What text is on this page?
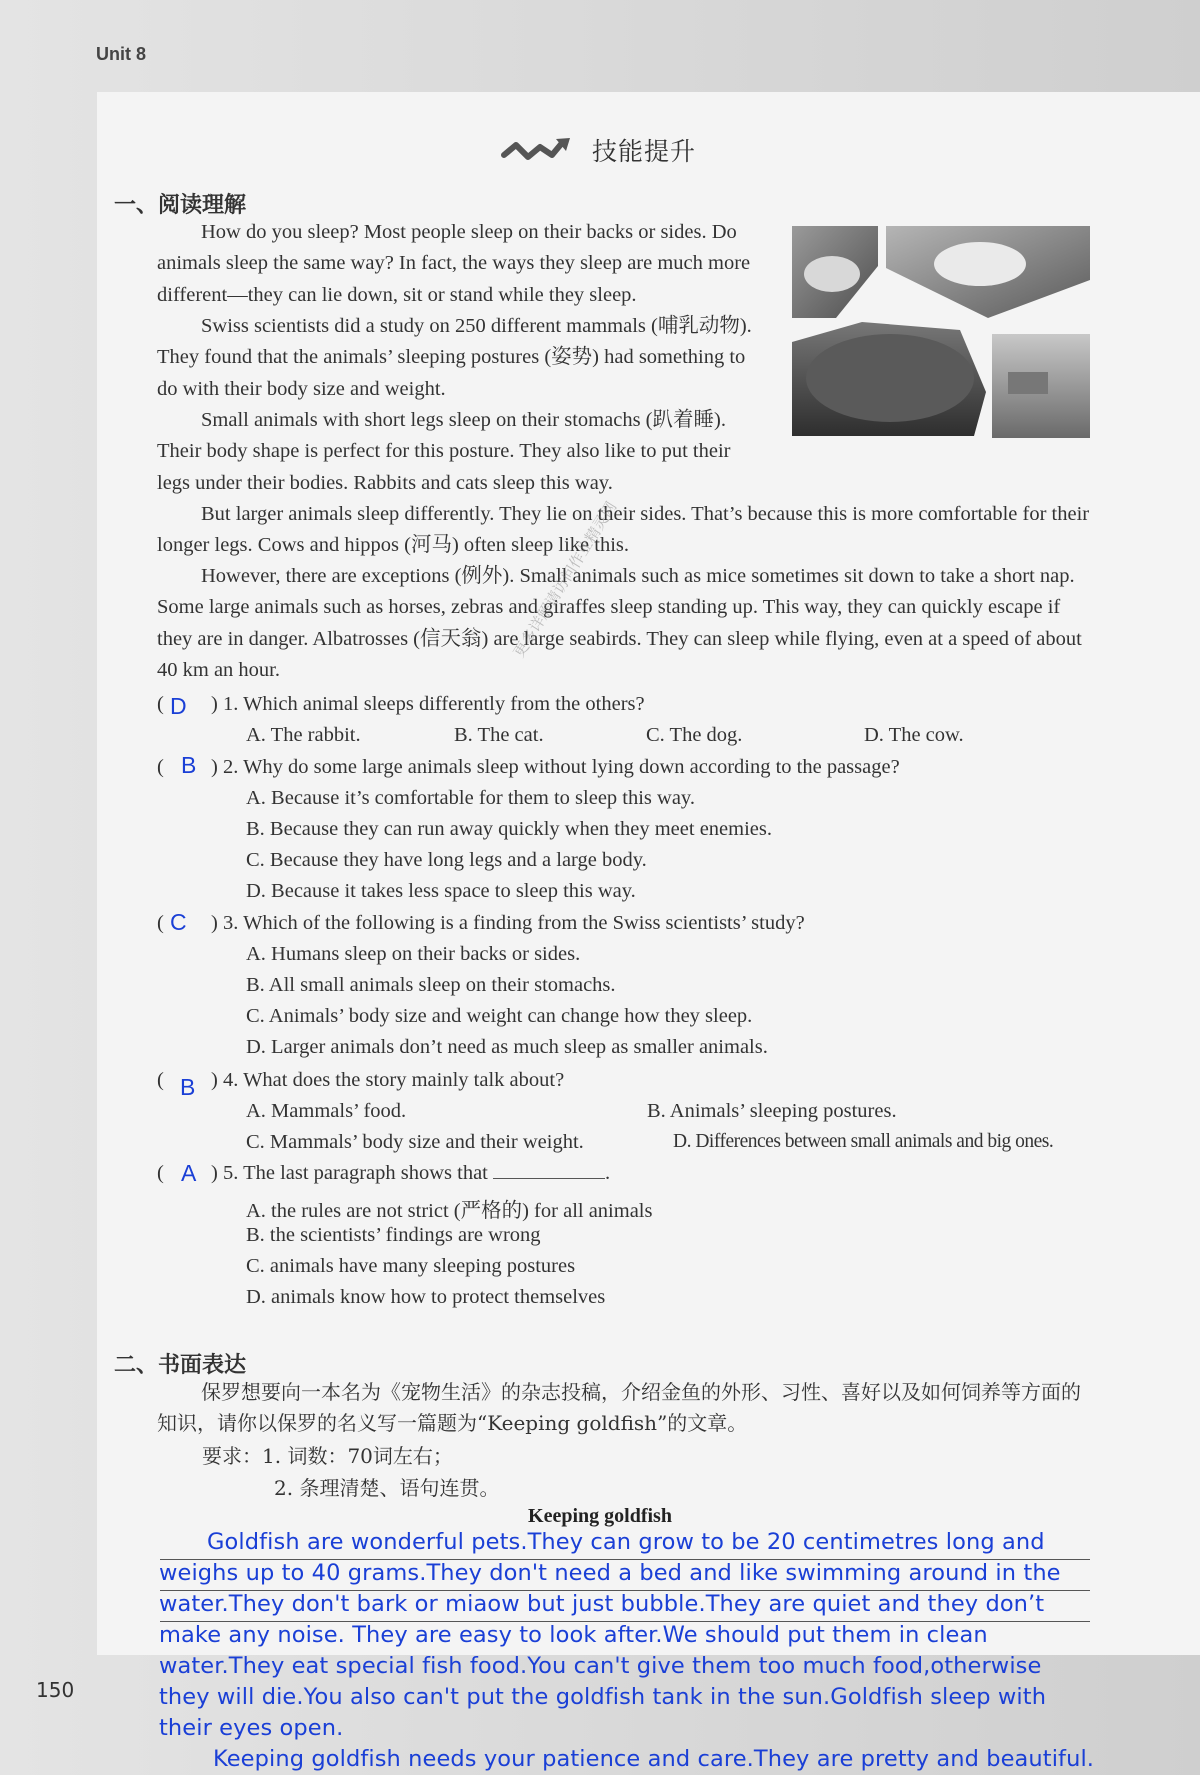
Unit 8
技能提升
一、阅读理解

How do you sleep? Most people sleep on their backs or sides. Do animals sleep the same way? In fact, the ways they sleep are much more different—they can lie down, sit or stand while they sleep.

Swiss scientists did a study on 250 different mammals (哺乳动物). They found that the animals’ sleeping postures (姿势) had something to do with their body size and weight.

Small animals with short legs sleep on their stomachs (趴着睡). Their body shape is perfect for this posture. They also like to put their legs under their bodies. Rabbits and cats sleep this way.

But larger animals sleep differently. They lie on their sides. That’s because this is more comfortable for their longer legs. Cows and hippos (河马) often sleep like this.

However, there are exceptions (例外). Small animals such as mice sometimes sit down to take a short nap. Some large animals such as horses, zebras and giraffes sleep standing up. This way, they can quickly escape if they are in danger. Albatrosses (信天翁) are large seabirds. They can sleep while flying, even at a speed of about 40 km an hour.

D
( ) 1. Which animal sleeps differently from the others?
A. The rabbit.	B. The cat.	C. The dog.	D. The cow.
B
( ) 2. Why do some large animals sleep without lying down according to the passage?
A. Because it’s comfortable for them to sleep this way.
B. Because they can run away quickly when they meet enemies.
C. Because they have long legs and a large body.
D. Because it takes less space to sleep this way.
C
( ) 3. Which of the following is a finding from the Swiss scientists’ study?
A. Humans sleep on their backs or sides.
B. All small animals sleep on their stomachs.
C. Animals’ body size and weight can change how they sleep.
D. Larger animals don’t need as much sleep as smaller animals.
B
( ) 4. What does the story mainly talk about?
A. Mammals’ food.	B. Animals’ sleeping postures.
C. Mammals’ body size and their weight.	D. Differences between small animals and big ones.
A
( ) 5. The last paragraph shows that	.
A. the rules are not strict (严格的) for all animals
B. the scientists’ findings are wrong
C. animals have many sleeping postures
D. animals know how to protect themselves
二、书面表达

保罗想要向一本名为《宠物生活》的杂志投稿，介绍金鱼的外形、习性、喜好以及如何饲养等方面的知识，请你以保罗的名义写一篇题为“Keeping goldfish”的文章。

要求：1. 词数：70词左右；
2. 条理清楚、语句连贯。
Keeping goldfish
Goldfish are wonderful pets.They can grow to be 20 centimetres long and
weighs up to 40 grams.They don't need a bed and like swimming around in the
water.They don't bark or miaow but just bubble.They are quiet and they don’t
make any noise. They are easy to look after.We should put them in clean
water.They eat special fish food.You can't give them too much food,otherwise
they will die.You also can't put the goldfish tank in the sun.Goldfish sleep with
their eyes open.
Keeping goldfish needs your patience and care.They are pretty and beautiful.
150
更多详解请访问作业精灵网
